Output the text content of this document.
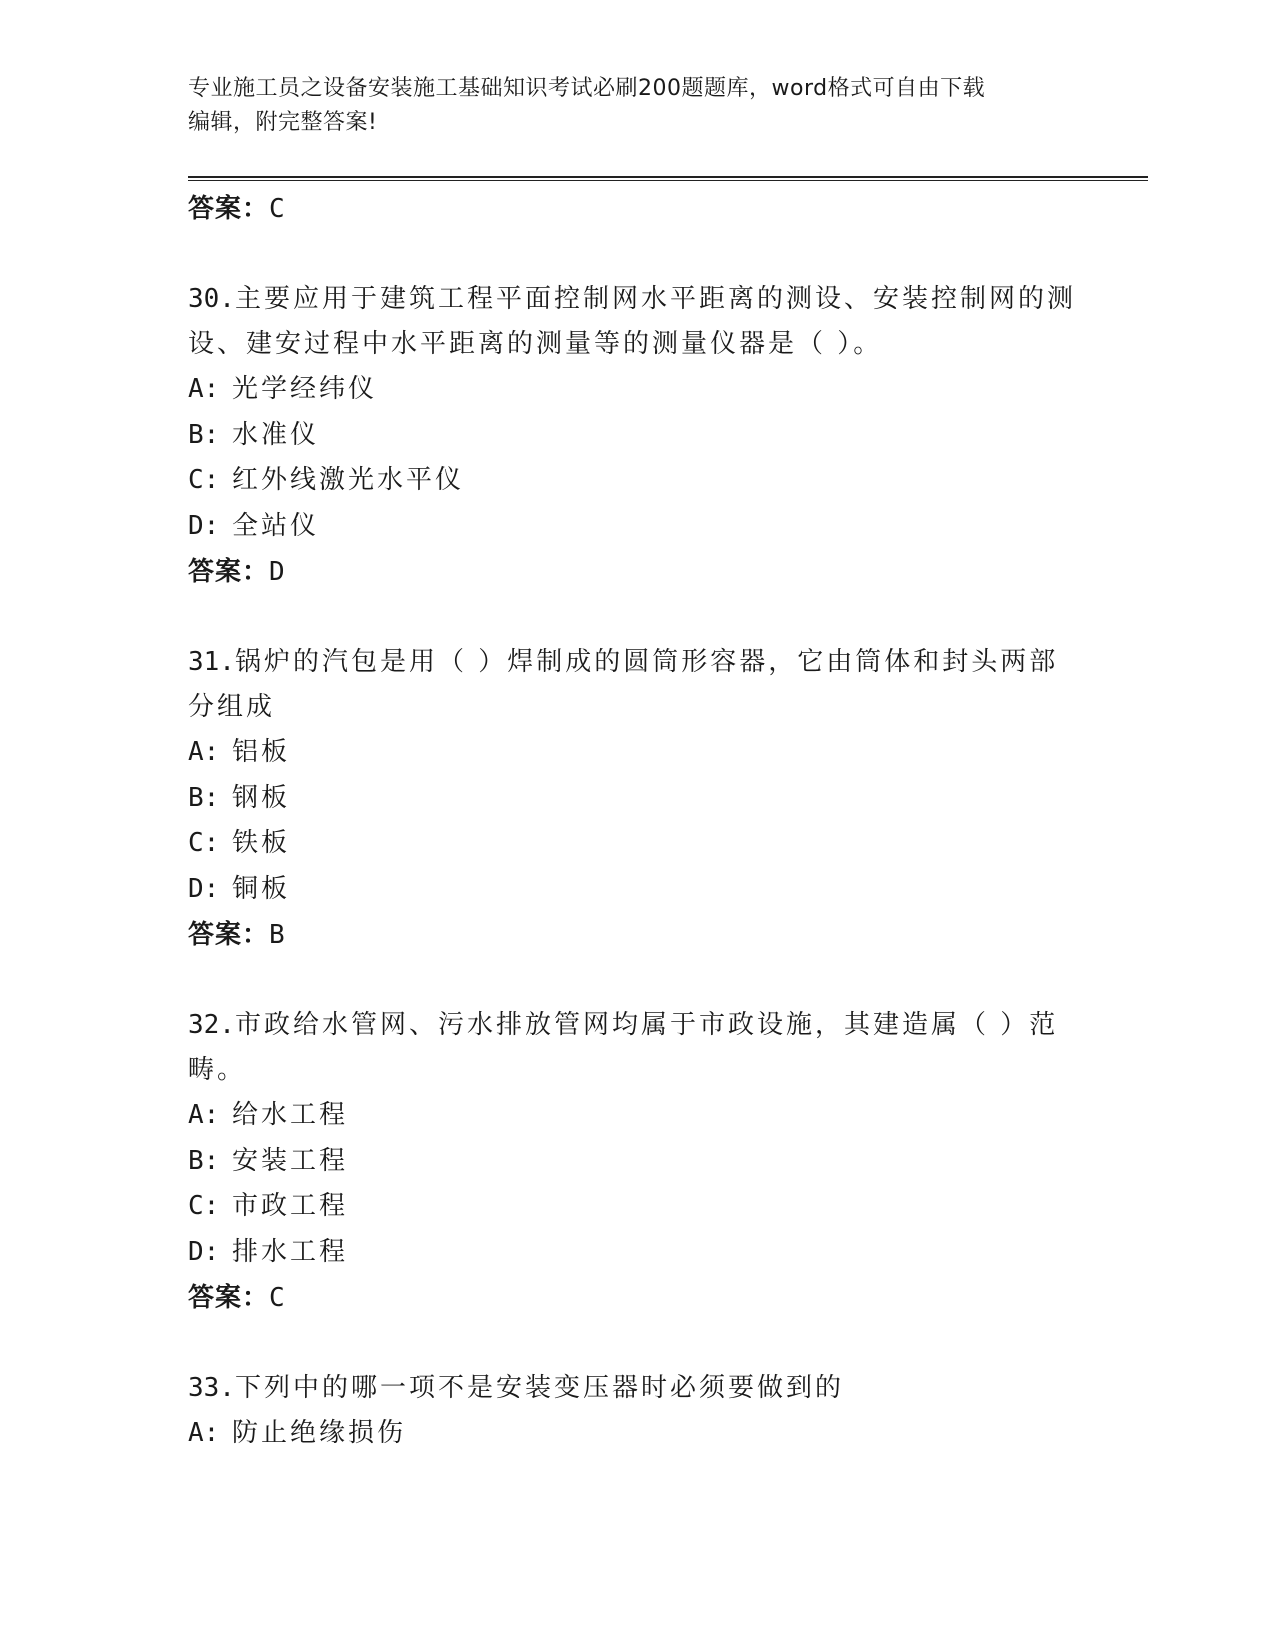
专业施工员之设备安装施工基础知识考试必刷200题题库，word格式可自由下载
编辑，附完整答案!
答案：C
30.主要应用于建筑工程平面控制网水平距离的测设、安装控制网的测
设、建安过程中水平距离的测量等的测量仪器是（ ）。
A: 光学经纬仪
B: 水准仪
C: 红外线激光水平仪
D: 全站仪
答案：D
31.锅炉的汽包是用（ ）焊制成的圆筒形容器，它由筒体和封头两部
分组成
A: 铝板
B: 钢板
C: 铁板
D: 铜板
答案：B
32.市政给水管网、污水排放管网均属于市政设施，其建造属（ ）范
畴。
A: 给水工程
B: 安装工程
C: 市政工程
D: 排水工程
答案：C
33.下列中的哪一项不是安装变压器时必须要做到的
A: 防止绝缘损伤
